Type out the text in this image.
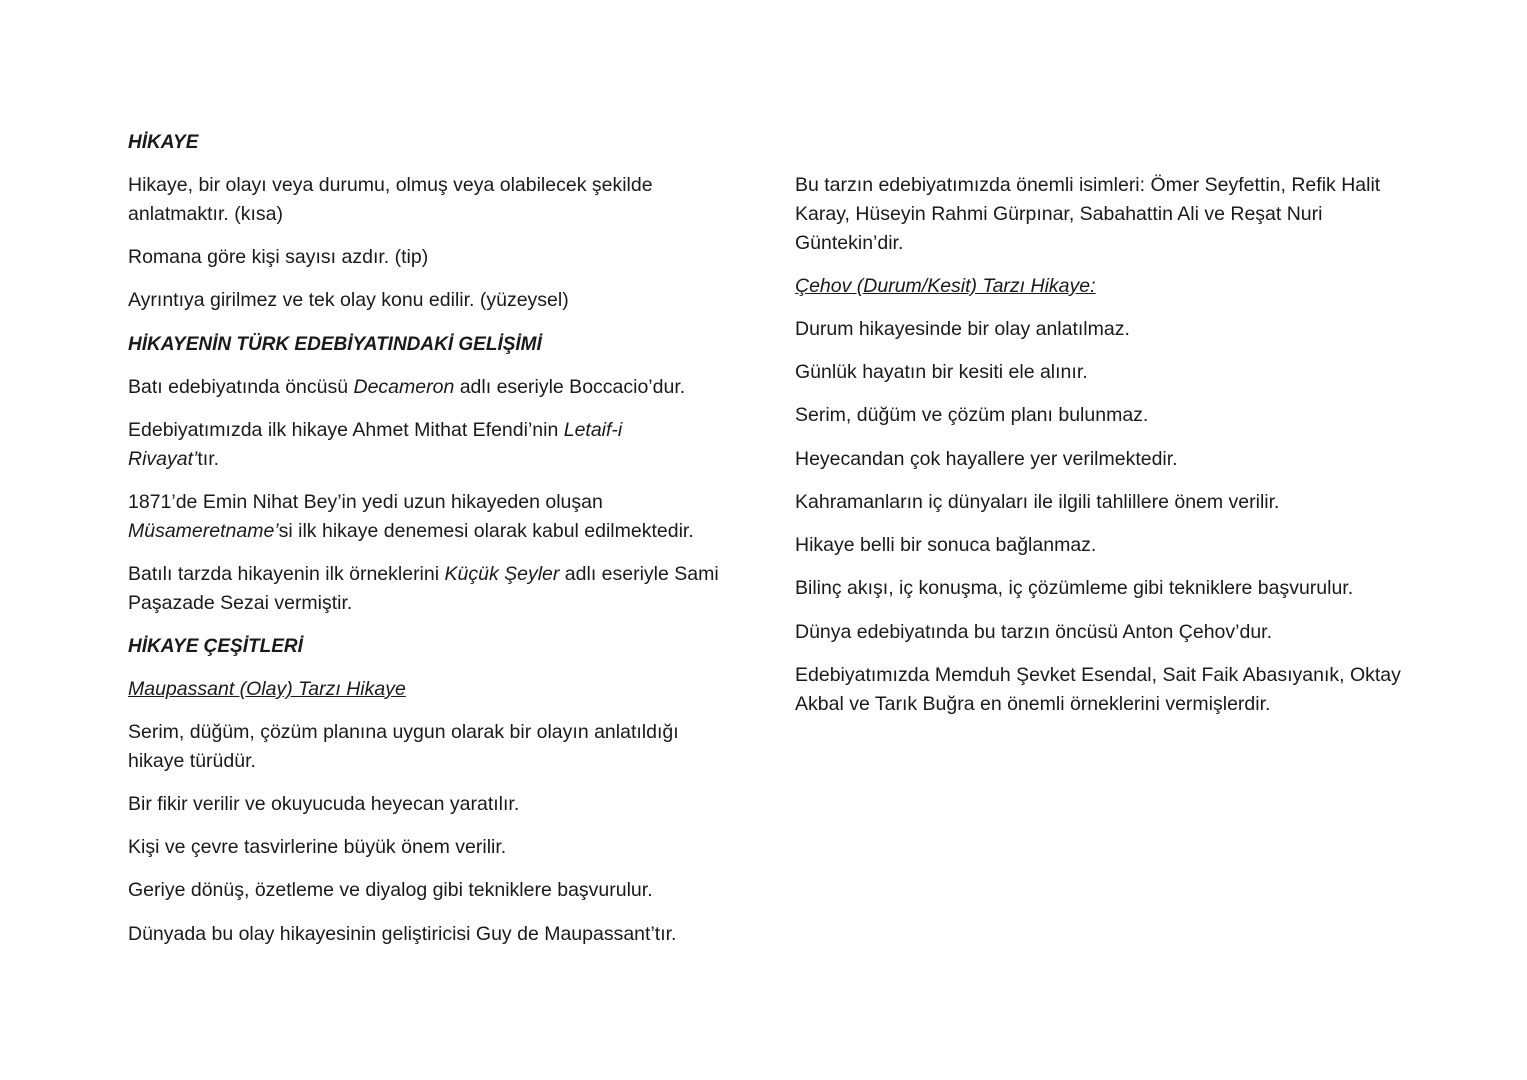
HİKAYE
Hikaye, bir olayı veya durumu, olmuş veya olabilecek şekilde
anlatmaktır. (kısa)
Romana göre kişi sayısı azdır. (tip)
Ayrıntıya girilmez ve tek olay konu edilir. (yüzeysel)
HİKAYENİN TÜRK EDEBİYATINDAKİ GELİŞİMİ
Batı edebiyatında öncüsü Decameron adlı eseriyle Boccacio’dur.
Edebiyatımızda ilk hikaye Ahmet Mithat Efendi’nin Letaif-i
Rivayat’tır.
1871’de Emin Nihat Bey’in yedi uzun hikayeden oluşan
Müsameretname’si ilk hikaye denemesi olarak kabul edilmektedir.
Batılı tarzda hikayenin ilk örneklerini Küçük Şeyler adlı eseriyle Sami
Paşazade Sezai vermiştir.
HİKAYE ÇEŞİTLERİ
Maupassant (Olay) Tarzı Hikaye
Serim, düğüm, çözüm planına uygun olarak bir olayın anlatıldığı
hikaye türüdür.
Bir fikir verilir ve okuyucuda heyecan yaratılır.
Kişi ve çevre tasvirlerine büyük önem verilir.
Geriye dönüş, özetleme ve diyalog gibi tekniklere başvurulur.
Dünyada bu olay hikayesinin geliştiricisi Guy de Maupassant’tır.
Bu tarzın edebiyatımızda önemli isimleri: Ömer Seyfettin, Refik Halit
Karay, Hüseyin Rahmi Gürpınar, Sabahattin Ali ve Reşat Nuri
Güntekin’dir.
Çehov (Durum/Kesit) Tarzı Hikaye:
Durum hikayesinde bir olay anlatılmaz.
Günlük hayatın bir kesiti ele alınır.
Serim, düğüm ve çözüm planı bulunmaz.
Heyecandan çok hayallere yer verilmektedir.
Kahramanların iç dünyaları ile ilgili tahlillere önem verilir.
Hikaye belli bir sonuca bağlanmaz.
Bilinç akışı, iç konuşma, iç çözümleme gibi tekniklere başvurulur.
Dünya edebiyatında bu tarzın öncüsü Anton Çehov’dur.
Edebiyatımızda Memduh Şevket Esendal, Sait Faik Abasıyanık, Oktay
Akbal ve Tarık Buğra en önemli örneklerini vermişlerdir.
